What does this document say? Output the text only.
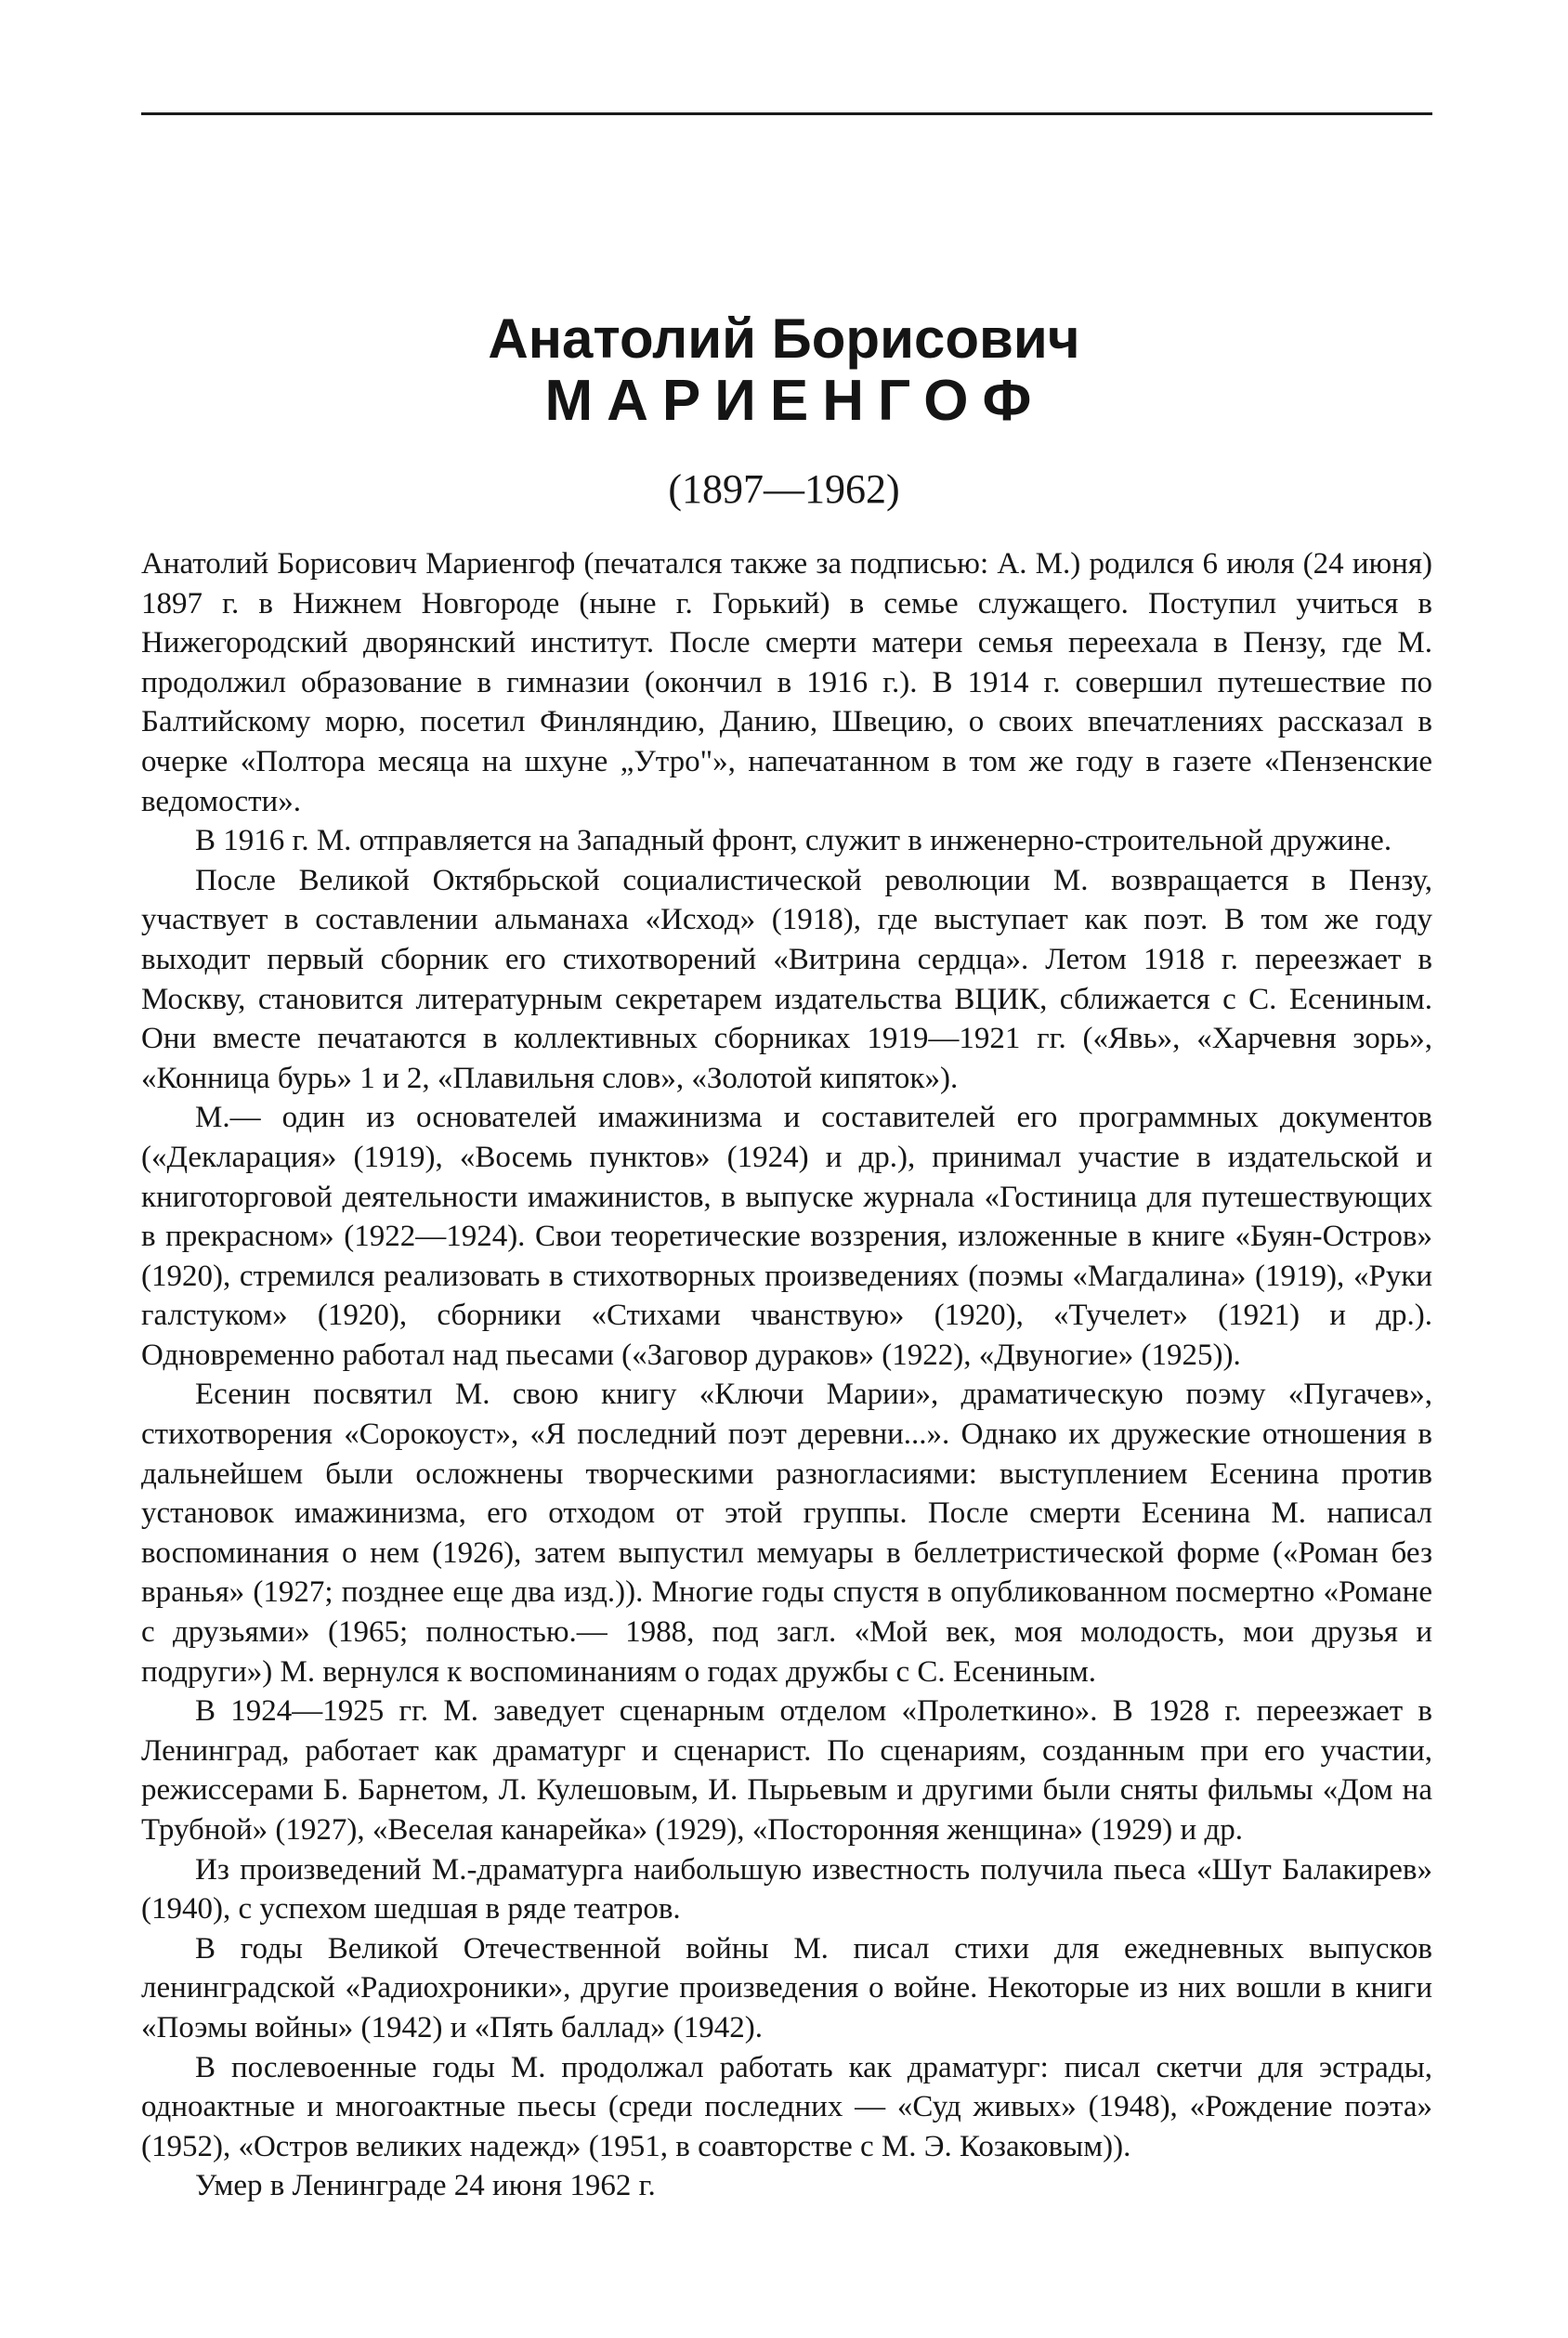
Анатолий Борисович
МАРИЕНГОФ
(1897—1962)

Анатолий Борисович Мариенгоф (печатался также за подписью: А. М.) родился 6 июля (24 июня) 1897 г. в Нижнем Новгороде (ныне г. Горький) в семье служащего. Поступил учиться в Нижегородский дворянский институт. После смерти матери семья переехала в Пензу, где М. продолжил образование в гимназии (окончил в 1916 г.). В 1914 г. совершил путешествие по Балтийскому морю, посетил Финляндию, Данию, Швецию, о своих впечатлениях рассказал в очерке «Полтора месяца на шхуне „Утро"», напечатанном в том же году в газете «Пензенские ведомости».

В 1916 г. М. отправляется на Западный фронт, служит в инженерно-строительной дружине.

После Великой Октябрьской социалистической революции М. возвращается в Пензу, участвует в составлении альманаха «Исход» (1918), где выступает как поэт. В том же году выходит первый сборник его стихотворений «Витрина сердца». Летом 1918 г. переезжает в Москву, становится литературным секретарем издательства ВЦИК, сближается с С. Есениным. Они вместе печатаются в коллективных сборниках 1919—1921 гг. («Явь», «Харчевня зорь», «Конница бурь» 1 и 2, «Плавильня слов», «Золотой кипяток»).

М.— один из основателей имажинизма и составителей его программных документов («Декларация» (1919), «Восемь пунктов» (1924) и др.), принимал участие в издательской и книготорговой деятельности имажинистов, в выпуске журнала «Гостиница для путешествующих в прекрасном» (1922—1924). Свои теоретические воззрения, изложенные в книге «Буян-Остров» (1920), стремился реализовать в стихотворных произведениях (поэмы «Магдалина» (1919), «Руки галстуком» (1920), сборники «Стихами чванствую» (1920), «Тучелет» (1921) и др.). Одновременно работал над пьесами («Заговор дураков» (1922), «Двуногие» (1925)).

Есенин посвятил М. свою книгу «Ключи Марии», драматическую поэму «Пугачев», стихотворения «Сорокоуст», «Я последний поэт деревни...». Однако их дружеские отношения в дальнейшем были осложнены творческими разногласиями: выступлением Есенина против установок имажинизма, его отходом от этой группы. После смерти Есенина М. написал воспоминания о нем (1926), затем выпустил мемуары в беллетристической форме («Роман без вранья» (1927; позднее еще два изд.)). Многие годы спустя в опубликованном посмертно «Романе с друзьями» (1965; полностью.— 1988, под загл. «Мой век, моя молодость, мои друзья и подруги») М. вернулся к воспоминаниям о годах дружбы с С. Есениным.

В 1924—1925 гг. М. заведует сценарным отделом «Пролеткино». В 1928 г. переезжает в Ленинград, работает как драматург и сценарист. По сценариям, созданным при его участии, режиссерами Б. Барнетом, Л. Кулешовым, И. Пырьевым и другими были сняты фильмы «Дом на Трубной» (1927), «Веселая канарейка» (1929), «Посторонняя женщина» (1929) и др.

Из произведений М.-драматурга наибольшую известность получила пьеса «Шут Балакирев» (1940), с успехом шедшая в ряде театров.

В годы Великой Отечественной войны М. писал стихи для ежедневных выпусков ленинградской «Радиохроники», другие произведения о войне. Некоторые из них вошли в книги «Поэмы войны» (1942) и «Пять баллад» (1942).

В послевоенные годы М. продолжал работать как драматург: писал скетчи для эстрады, одноактные и многоактные пьесы (среди последних — «Суд живых» (1948), «Рождение поэта» (1952), «Остров великих надежд» (1951, в соавторстве с М. Э. Козаковым)).

Умер в Ленинграде 24 июня 1962 г.
